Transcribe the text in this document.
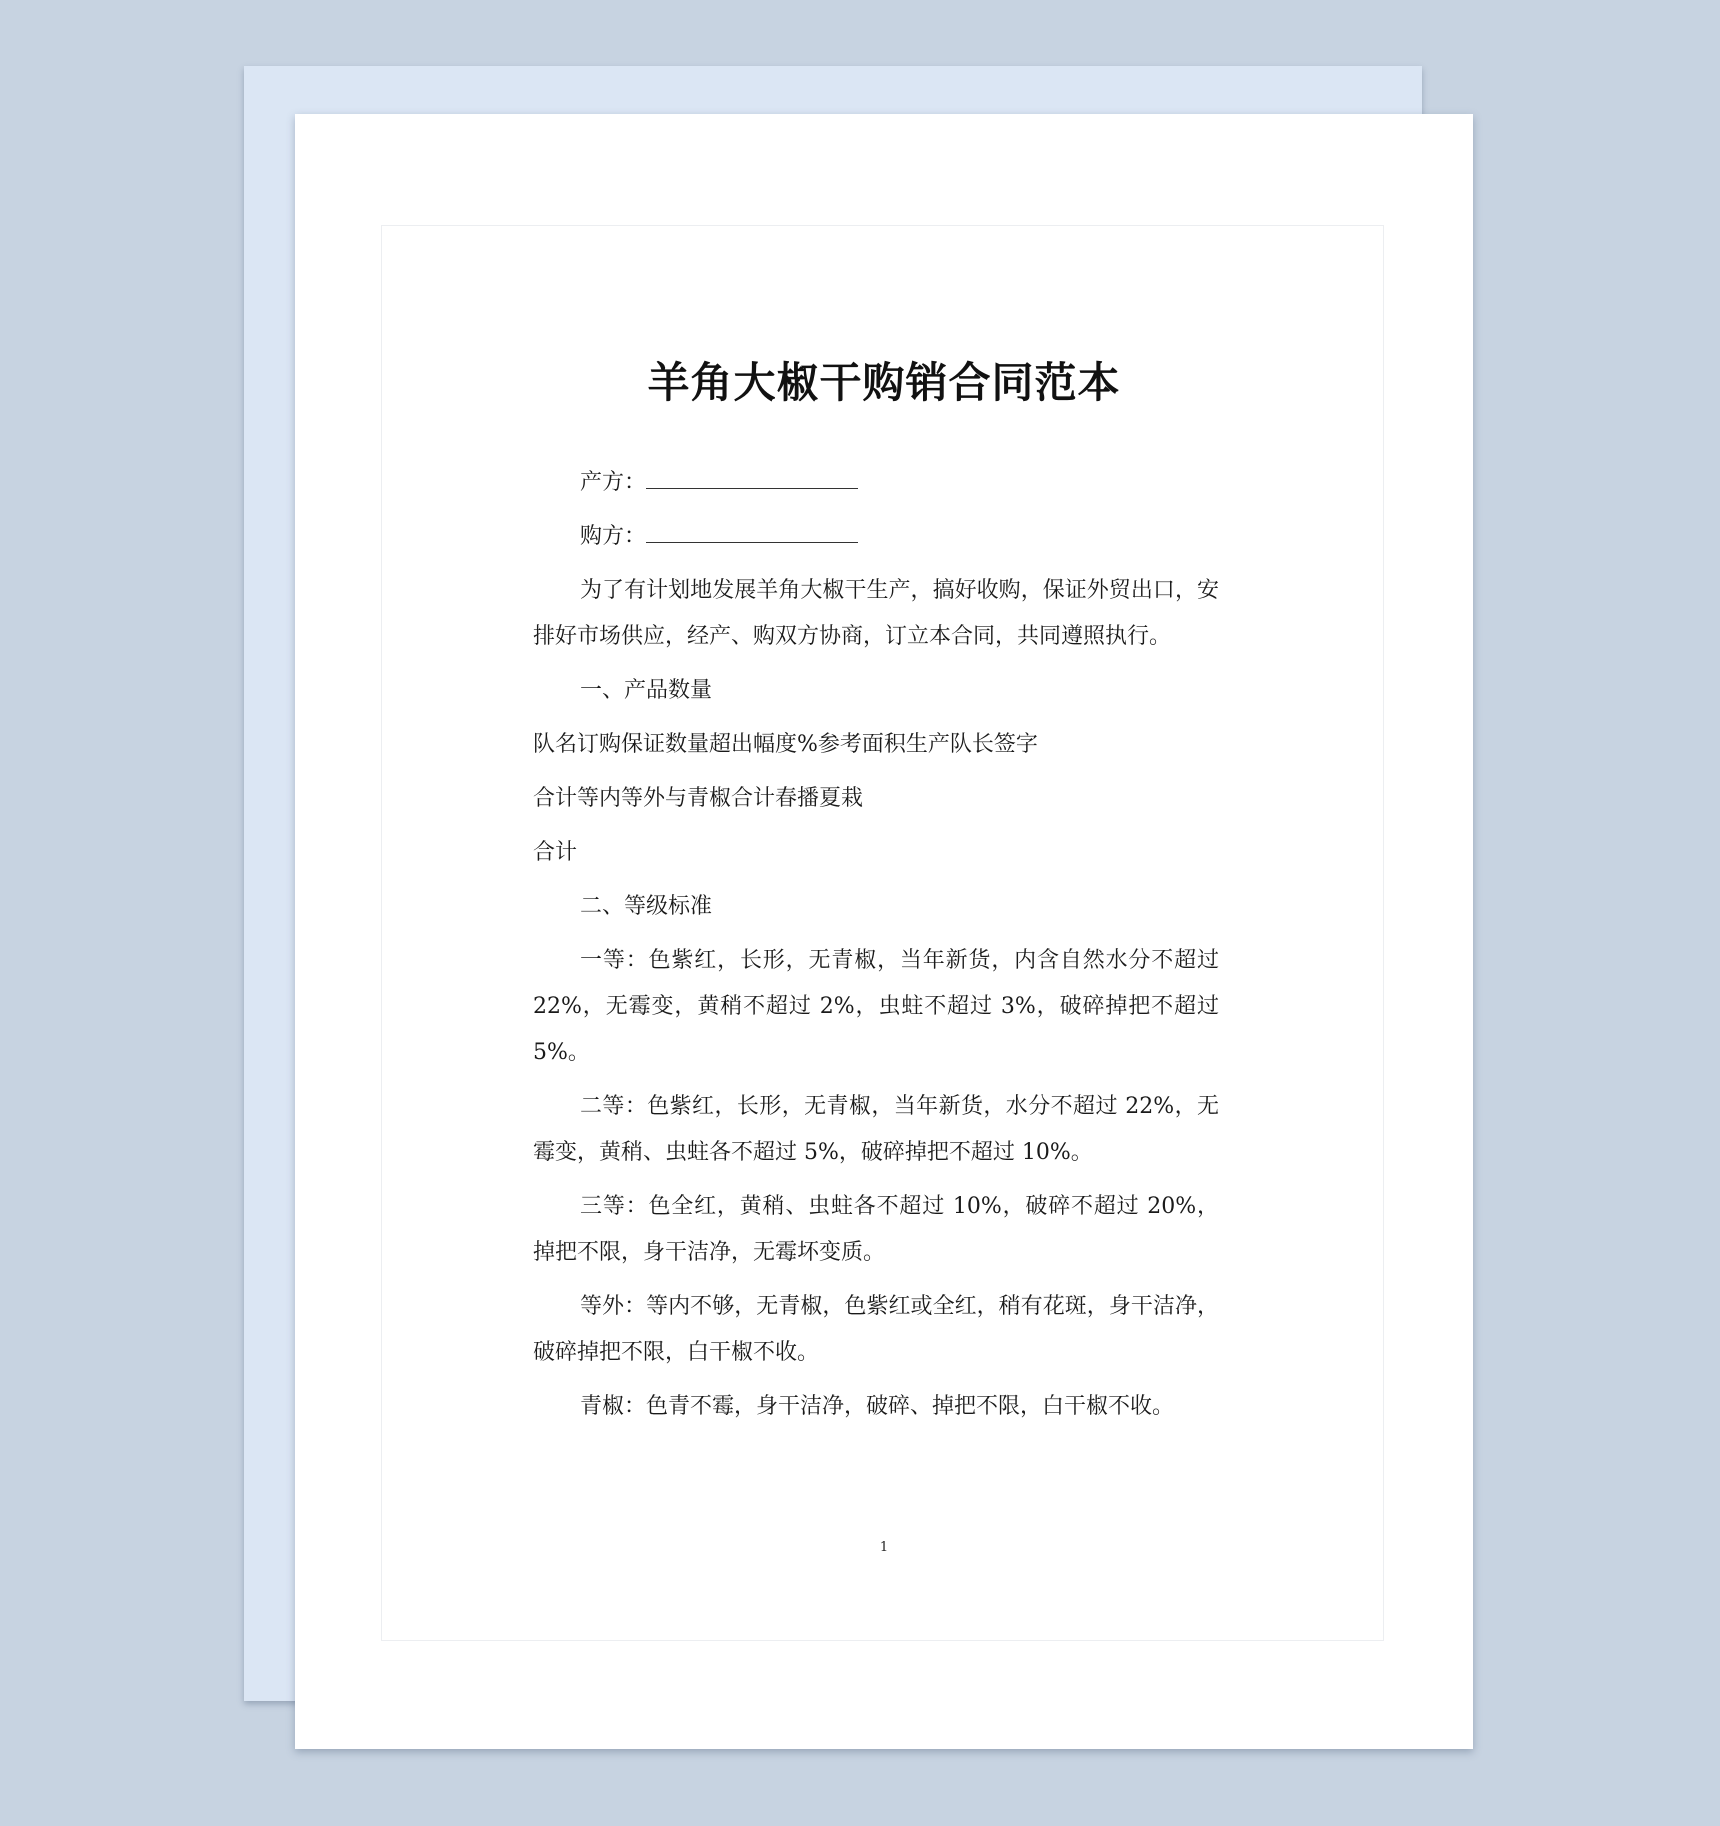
羊角大椒干购销合同范本
产方：
购方：

为了有计划地发展羊角大椒干生产，搞好收购，保证外贸出口，安排好市场供应，经产、购双方协商，订立本合同，共同遵照执行。

一、产品数量
队名订购保证数量超出幅度%参考面积生产队长签字
合计等内等外与青椒合计春播夏栽
合计
二、等级标准

一等：色紫红，长形，无青椒，当年新货，内含自然水分不超过 22%，无霉变，黄稍不超过 2%，虫蛀不超过 3%，破碎掉把不超过 5%。

二等：色紫红，长形，无青椒，当年新货，水分不超过 22%，无霉变，黄稍、虫蛀各不超过 5%，破碎掉把不超过 10%。

三等：色全红，黄稍、虫蛀各不超过 10%，破碎不超过 20%，掉把不限，身干洁净，无霉坏变质。

等外：等内不够，无青椒，色紫红或全红，稍有花斑，身干洁净，破碎掉把不限，白干椒不收。

青椒：色青不霉，身干洁净，破碎、掉把不限，白干椒不收。

1
